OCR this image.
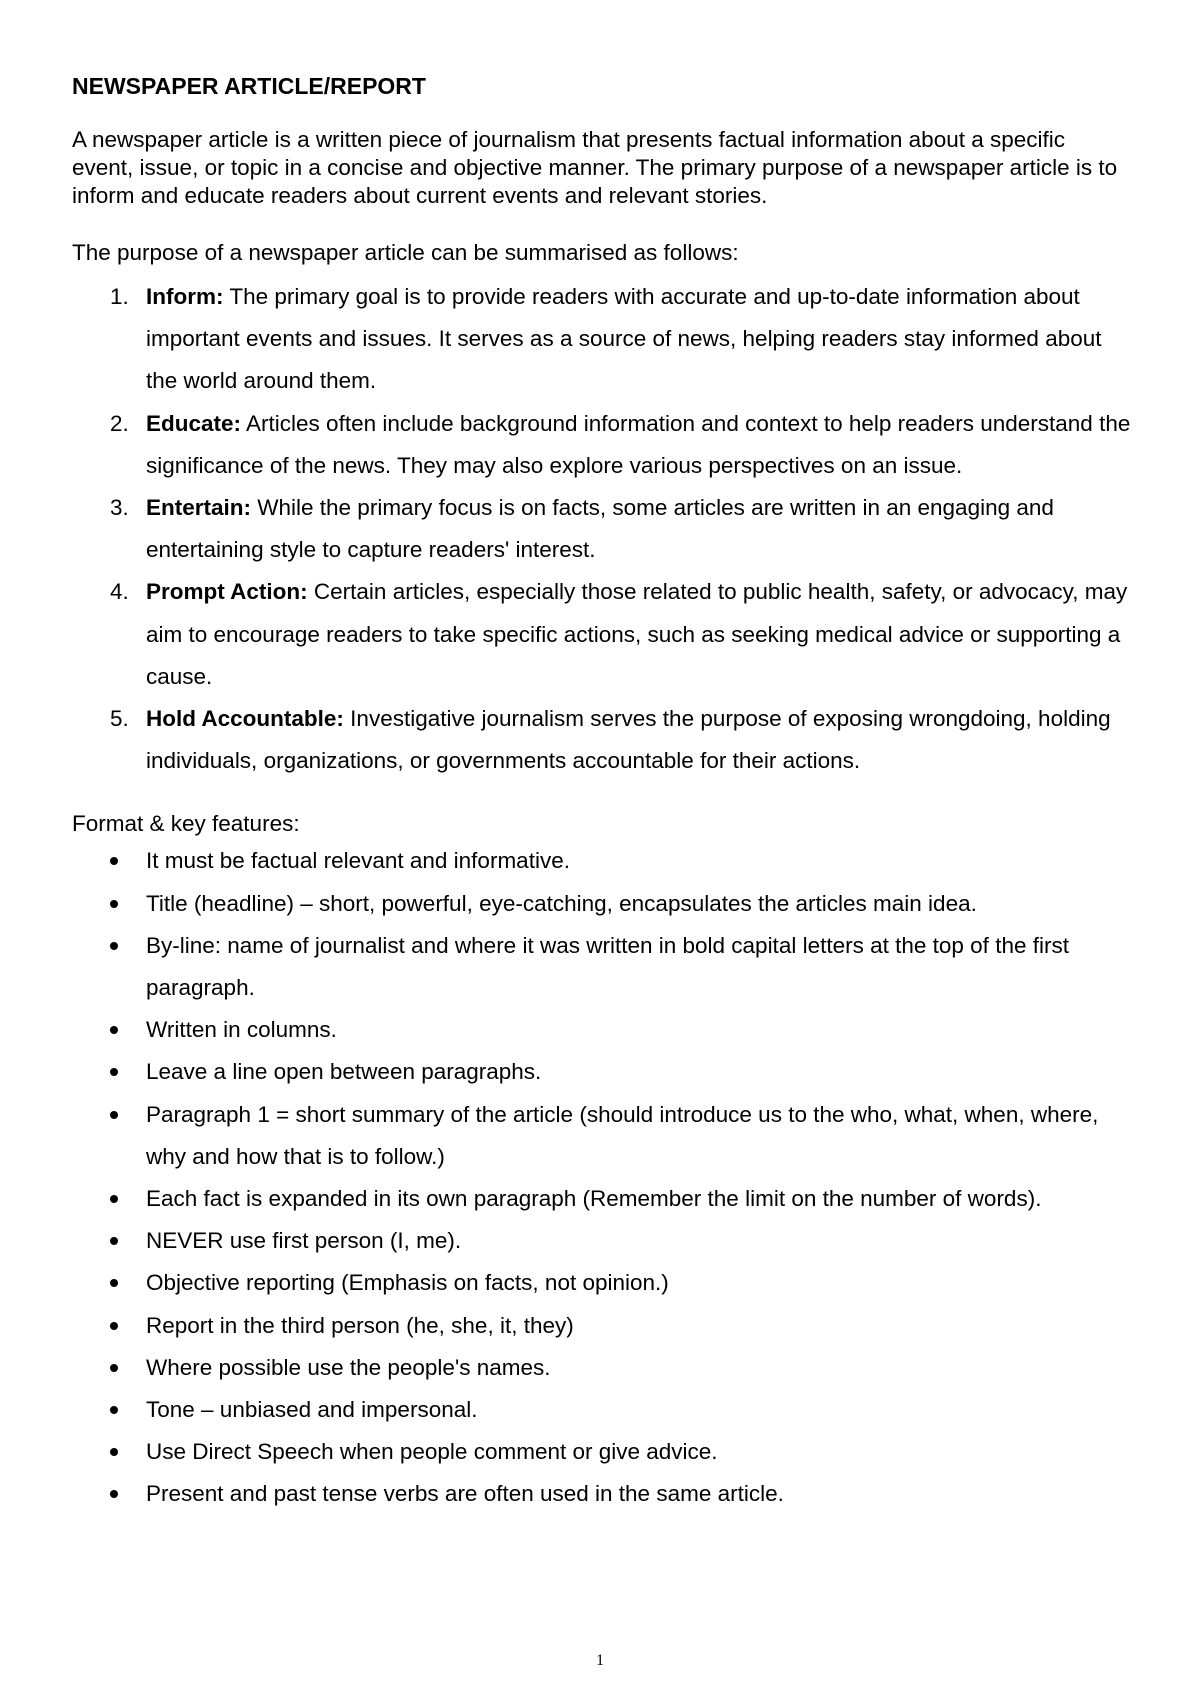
NEWSPAPER ARTICLE/REPORT

A newspaper article is a written piece of journalism that presents factual information about a specific event, issue, or topic in a concise and objective manner. The primary purpose of a newspaper article is to inform and educate readers about current events and relevant stories.

The purpose of a newspaper article can be summarised as follows:

1. Inform: The primary goal is to provide readers with accurate and up-to-date information about important events and issues. It serves as a source of news, helping readers stay informed about the world around them.
2. Educate: Articles often include background information and context to help readers understand the significance of the news. They may also explore various perspectives on an issue.
3. Entertain: While the primary focus is on facts, some articles are written in an engaging and entertaining style to capture readers' interest.
4. Prompt Action: Certain articles, especially those related to public health, safety, or advocacy, may aim to encourage readers to take specific actions, such as seeking medical advice or supporting a cause.
5. Hold Accountable: Investigative journalism serves the purpose of exposing wrongdoing, holding individuals, organizations, or governments accountable for their actions.
Format & key features:
It must be factual relevant and informative.
Title (headline) – short, powerful, eye-catching, encapsulates the articles main idea.
By-line: name of journalist and where it was written in bold capital letters at the top of the first paragraph.
Written in columns.
Leave a line open between paragraphs.
Paragraph 1 = short summary of the article (should introduce us to the who, what, when, where, why and how that is to follow.)
Each fact is expanded in its own paragraph (Remember the limit on the number of words).
NEVER use first person (I, me).
Objective reporting (Emphasis on facts, not opinion.)
Report in the third person (he, she, it, they)
Where possible use the people's names.
Tone – unbiased and impersonal.
Use Direct Speech when people comment or give advice.
Present and past tense verbs are often used in the same article.
1
